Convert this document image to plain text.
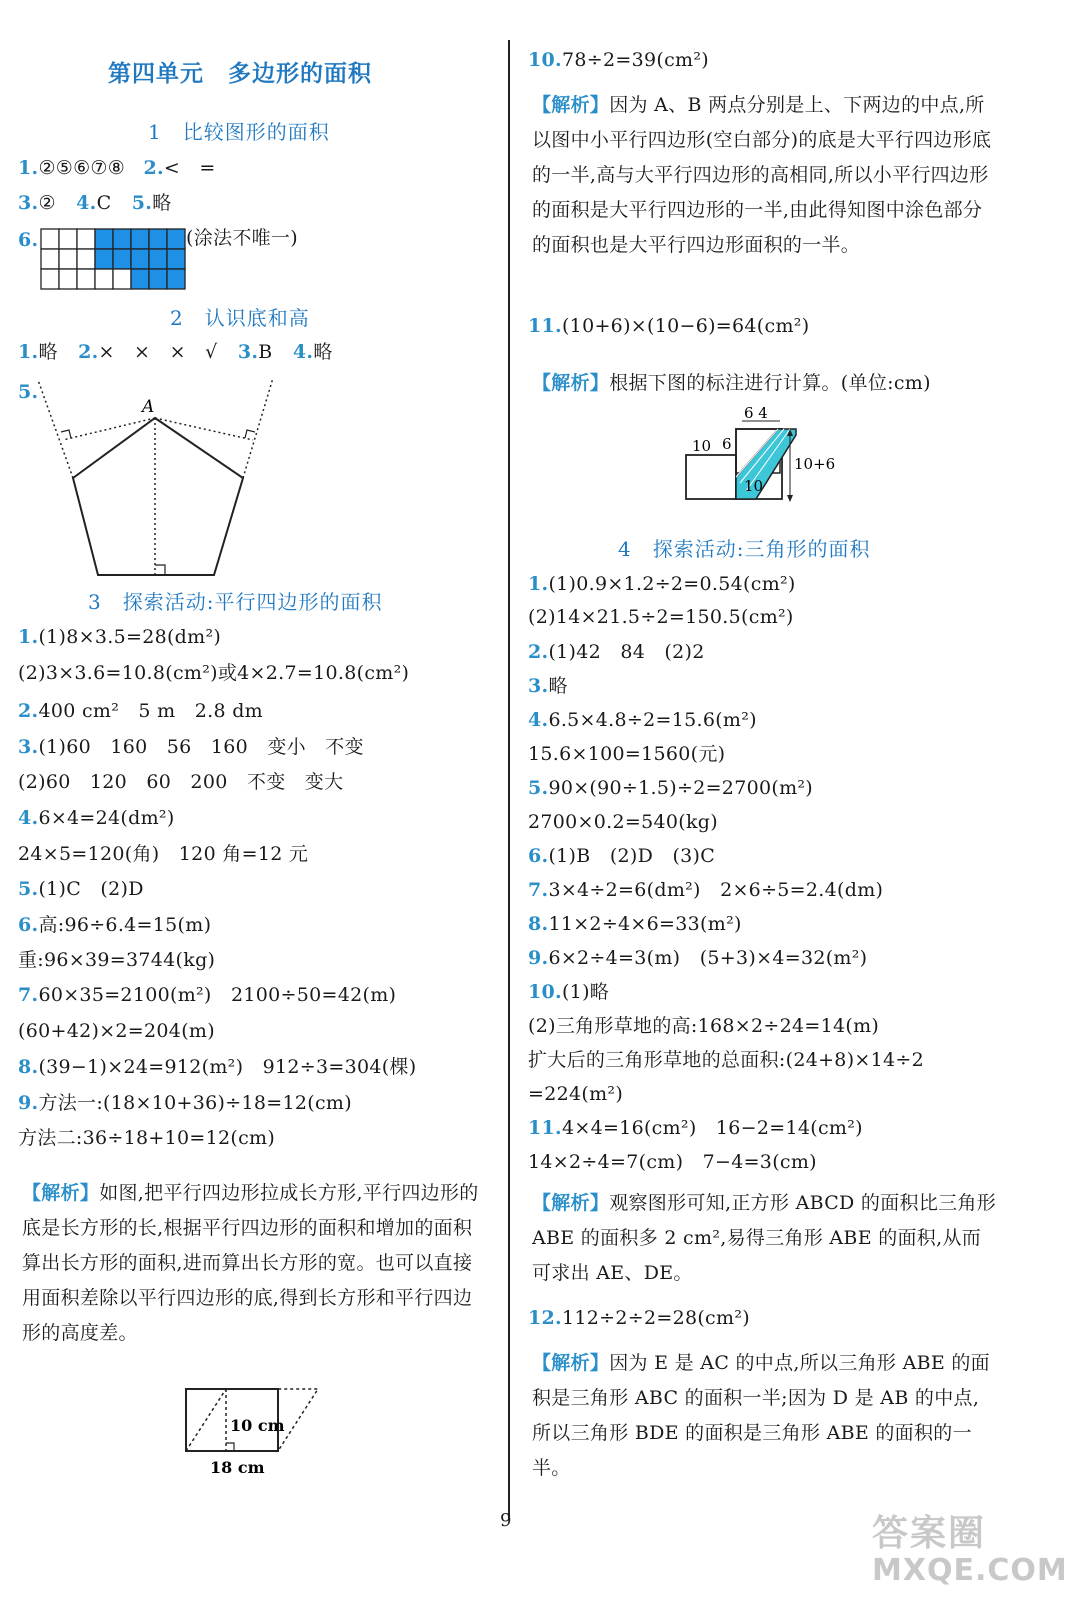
第四单元　多边形的面积
1　比较图形的面积
1.②⑤⑥⑦⑧ 2.<　=
3.② 4.C 5.略
6.	(涂法不唯一)
2　认识底和高
1.略 2.×　×　×　√ 3.B 4.略
5.
A
3　探索活动:平行四边形的面积
1.(1)8×3.5=28(dm²)
(2)3×3.6=10.8(cm²)或4×2.7=10.8(cm²)
2.400 cm²　5 m　2.8 dm
3.(1)60　160　56　160　变小　不变
(2)60　120　60　200　不变　变大
4.6×4=24(dm²)
24×5=120(角)　120 角=12 元
5.(1)C　(2)D
6.高:96÷6.4=15(m)
重:96×39=3744(kg)
7.60×35=2100(m²)　2100÷50=42(m)
(60+42)×2=204(m)
8.(39−1)×24=912(m²)　912÷3=304(棵)
9.方法一:(18×10+36)÷18=12(cm)
方法二:36÷18+10=12(cm)
【解析】如图,把平行四边形拉成长方形,平行四边形的底是长方形的长,根据平行四边形的面积和增加的面积算出长方形的面积,进而算出长方形的宽。也可以直接用面积差除以平行四边形的底,得到长方形和平行四边形的高度差。
10 cm
18 cm
10.78÷2=39(cm²)
【解析】因为 A、B 两点分别是上、下两边的中点,所以图中小平行四边形(空白部分)的底是大平行四边形底的一半,高与大平行四边形的高相同,所以小平行四边形的面积是大平行四边形的一半,由此得知图中涂色部分的面积也是大平行四边形面积的一半。
11.(10+6)×(10−6)=64(cm²)
【解析】根据下图的标注进行计算。(单位:cm)
6 4
10 6
10
10+6
4　探索活动:三角形的面积
1.(1)0.9×1.2÷2=0.54(cm²)
(2)14×21.5÷2=150.5(cm²)
2.(1)42　84　(2)2
3.略
4.6.5×4.8÷2=15.6(m²)
15.6×100=1560(元)
5.90×(90÷1.5)÷2=2700(m²)
2700×0.2=540(kg)
6.(1)B　(2)D　(3)C
7.3×4÷2=6(dm²)　2×6÷5=2.4(dm)
8.11×2÷4×6=33(m²)
9.6×2÷4=3(m)　(5+3)×4=32(m²)
10.(1)略
(2)三角形草地的高:168×2÷24=14(m)
扩大后的三角形草地的总面积:(24+8)×14÷2
=224(m²)
11.4×4=16(cm²)　16−2=14(cm²)
14×2÷4=7(cm)　7−4=3(cm)
【解析】观察图形可知,正方形 ABCD 的面积比三角形 ABE 的面积多 2 cm²,易得三角形 ABE 的面积,从而可求出 AE、DE。
12.112÷2÷2=28(cm²)
【解析】因为 E 是 AC 的中点,所以三角形 ABE 的面积是三角形 ABC 的面积一半;因为 D 是 AB 的中点,所以三角形 BDE 的面积是三角形 ABE 的面积的一半。
9	答案圈
MXQE.COM
